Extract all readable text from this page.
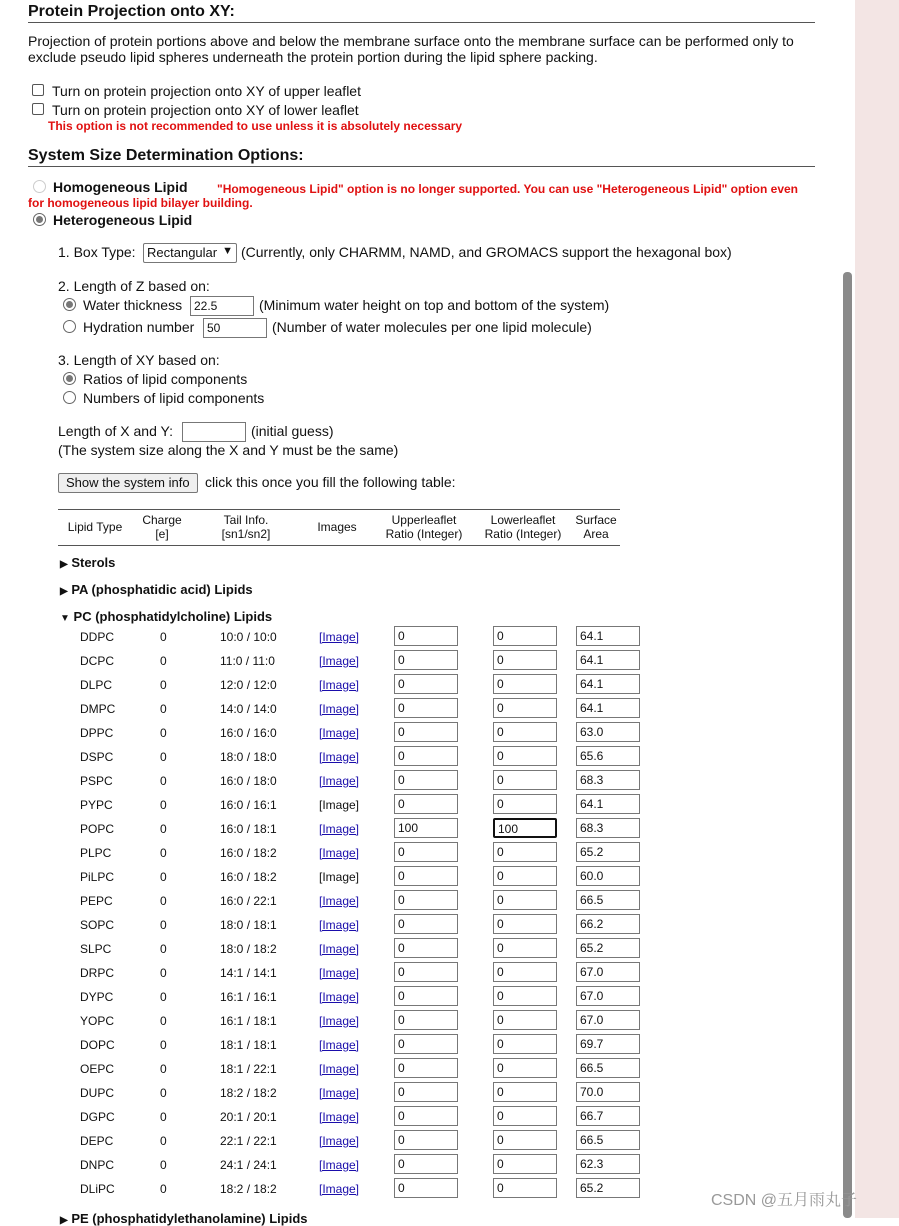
Protein Projection onto XY:
Projection of protein portions above and below the membrane surface onto the membrane surface can be performed only to exclude pseudo lipid spheres underneath the protein portion during the lipid sphere packing.
Turn on protein projection onto XY of upper leaflet
Turn on protein projection onto XY of lower leaflet
This option is not recommended to use unless it is absolutely necessary
System Size Determination Options:
Homogeneous Lipid "Homogeneous Lipid" option is no longer supported. You can use "Heterogeneous Lipid" option even
for homogeneous lipid bilayer building.
Heterogeneous Lipid
1. Box Type: Rectangular ▼ (Currently, only CHARMM, NAMD, and GROMACS support the hexagonal box)
2. Length of Z based on:
Water thickness 22.5	(Minimum water height on top and bottom of the system)
Hydration number	50	(Number of water molecules per one lipid molecule)
3. Length of XY based on:
Ratios of lipid components
Numbers of lipid components
Length of X and Y:	(initial guess)
(The system size along the X and Y must be the same)
Show the system info	click this once you fill the following table:
Lipid Type	Charge
[e]
Tail Info.
[sn1/sn2]	Images	Upperleaflet
Ratio (Integer)
Lowerleaflet
Ratio (Integer)
Surface
Area
▶ Sterols
▶ PA (phosphatidic acid) Lipids
▼ PC (phosphatidylcholine) Lipids
DDPC	0	10:0 / 10:0	[Image]	0	0	64.1
DCPC	0	11:0 / 11:0	[Image]	0	0	64.1
DLPC	0	12:0 / 12:0	[Image]	0	0	64.1
DMPC	0	14:0 / 14:0	[Image]	0	0	64.1
DPPC	0	16:0 / 16:0	[Image]	0	0	63.0
DSPC	0	18:0 / 18:0	[Image]	0	0	65.6
PSPC	0	16:0 / 18:0	[Image]	0	0	68.3
PYPC	0	16:0 / 16:1	[Image]	0	0	64.1
POPC	0	16:0 / 18:1	[Image]	100	100	68.3
PLPC	0	16:0 / 18:2	[Image]	0	0	65.2
PiLPC	0	16:0 / 18:2	[Image]	0	0	60.0
PEPC	0	16:0 / 22:1	[Image]	0	0	66.5
SOPC	0	18:0 / 18:1	[Image]	0	0	66.2
SLPC	0	18:0 / 18:2	[Image]	0	0	65.2
DRPC	0	14:1 / 14:1	[Image]	0	0	67.0
DYPC	0	16:1 / 16:1	[Image]	0	0	67.0
YOPC	0	16:1 / 18:1	[Image]	0	0	67.0
DOPC	0	18:1 / 18:1	[Image]	0	0	69.7
OEPC	0	18:1 / 22:1	[Image]	0	0	66.5
DUPC	0	18:2 / 18:2	[Image]	0	0	70.0
DGPC	0	20:1 / 20:1	[Image]	0	0	66.7
DEPC	0	22:1 / 22:1	[Image]	0	0	66.5
DNPC	0	24:1 / 24:1	[Image]	0	0	62.3
DLiPC	0	18:2 / 18:2	[Image]	0	0	65.2
▶ PE (phosphatidylethanolamine) Lipids
CSDN @五月雨丸子
